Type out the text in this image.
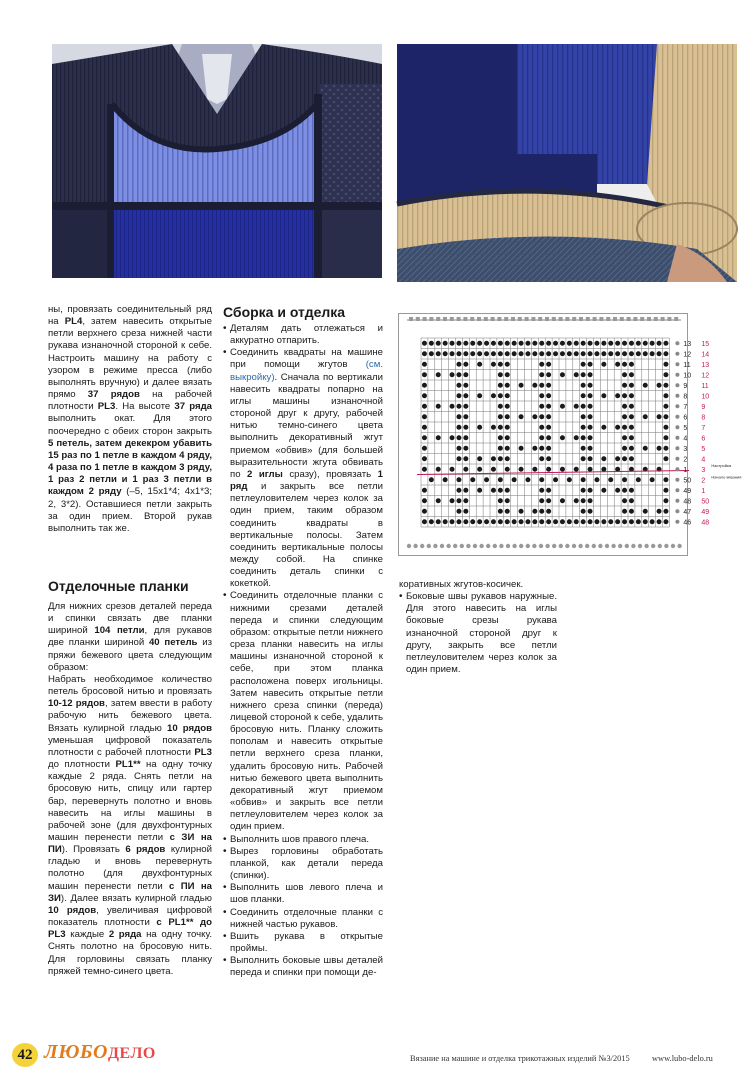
ны, провязать соединительный ряд на PL4, затем навесить открытые петли верхнего среза нижней части рукава изнаночной стороной к себе. Настроить машину на работу с узором в режиме пресса (либо выполнять вручную) и далее вязать прямо 37 рядов на рабочей плотности PL3. На высоте 37 ряда выполнить окат. Для этого поочередно с обеих сторон закрыть 5 петель, затем декекром убавить 15 раз по 1 петле в каждом 4 ряду, 4 раза по 1 петле в каждом 3 ряду, 1 раз 2 петли и 1 раз 3 петли в каждом 2 ряду (–5, 15х1*4; 4х1*3; 2, 3*2). Оставшиеся петли закрыть за один прием. Второй рукав выполнить так же.

Отделочные планки

Для нижних срезов деталей переда и спинки связать две планки шириной 104 петли, для рукавов две планки шириной 40 петель из пряжи бежевого цвета следующим образом:

Набрать необходимое количество петель бросовой нитью и провязать 10-12 рядов, затем ввести в работу рабочую нить бежевого цвета. Вязать кулирной гладью 10 рядов уменьшая цифровой показатель плотности с рабочей плотности PL3 до плотности PL1** на одну точку каждые 2 ряда. Снять петли на бросовую нить, спицу или гартер бар, перевернуть полотно и вновь навесить на иглы машины в рабочей зоне (для двухфонтурных машин перенести петли с ЗИ на ПИ). Провязать 6 рядов кулирной гладью и вновь перевернуть полотно (для двухфонтурных машин перенести петли с ПИ на ЗИ). Далее вязать кулирной гладью 10 рядов, увеличивая цифровой показатель плотности с PL1** до PL3 каждые 2 ряда на одну точку. Снять полотно на бросовую нить. Для горловины связать планку пряжей темно-синего цвета.

Сборка и отделка

• Деталям дать отлежаться и аккуратно отпарить.

• Соединить квадраты на машине при помощи жгутов (см. выкройку). Сначала по вертикали навесить квадраты попарно на иглы машины изнаночной стороной друг к другу, рабочей нитью темно-синего цвета выполнить декоративный жгут приемом «обвив» (для большей выразительности жгута обвивать по 2 иглы сразу), провязать 1 ряд и закрыть все петли петлеуловителем через колок за один прием, таким образом соединить квадраты в вертикальные полосы. Затем соединить вертикальные полосы между собой. На спинке соединить деталь спинки с кокеткой.

• Соединить отделочные планки с нижними срезами деталей переда и спинки следующим образом: открытые петли нижнего среза планки навесить на иглы машины изнаночной стороной к себе, при этом планка расположена поверх игольницы. Затем навесить открытые петли нижнего среза спинки (переда) лицевой стороной к себе, удалить бросовую нить. Планку сложить пополам и навесить открытые петли верхнего среза планки, удалить бросовую нить. Рабочей нитью бежевого цвета выполнить декоративный жгут приемом «обвив» и закрыть все петли петлеуловителем через колок за один прием.

• Выполнить шов правого плеча.

• Вырез горловины обработать планкой, как детали переда (спинки).

• Выполнить шов левого плеча и шов планки.

• Соединить отделочные планки с нижней частью рукавов.

• Вшить рукава в открытые проймы.

• Выполнить боковые швы деталей переда и спинки при помощи де-

коративных жгутов-косичек.

• Боковые швы рукавов наружные. Для этого навесить на иглы боковые срезы рукава изнаночной стороной друг к другу, закрыть все петли петлеуловителем через колок за один прием.

13
12
11
10
9
8
7
6
5
4
3
2
1
50
49
48
47
46
15
14
13
12
11
10
9
8
7
6
5
4
3
2
1
50
49
48
Настройка
Начало вязания
42 ЛЮБОДЕЛО	Вязание на машине и отделка трикотажных изделий №3/2015	www.lubo-delo.ru
